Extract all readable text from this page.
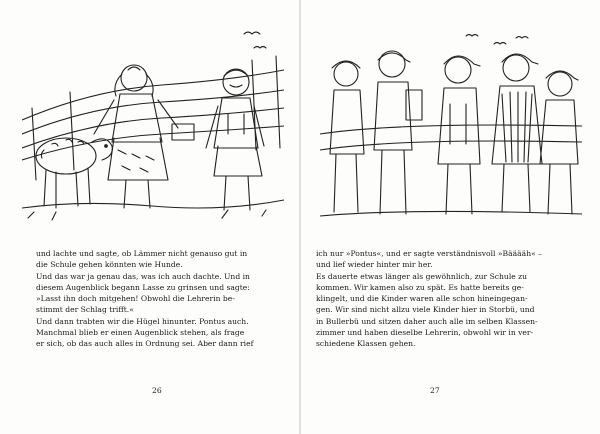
und lachte und sagte, ob Lämmer nicht genauso gut in
die Schule gehen könnten wie Hunde.
Und das war ja genau das, was ich auch dachte. Und in
diesem Augenblick begann Lasse zu grinsen und sagte:
»Lasst ihn doch mitgehen! Obwohl die Lehrerin be-
stimmt der Schlag trifft.«
Und dann trabten wir die Hügel hinunter. Pontus auch.
Manchmal blieb er einen Augenblick stehen, als frage
er sich, ob das auch alles in Ordnung sei. Aber dann rief
26
ich nur »Pontus«, und er sagte verständnisvoll »Bääääh« –
und lief wieder hinter mir her.
Es dauerte etwas länger als gewöhnlich, zur Schule zu
kommen. Wir kamen also zu spät. Es hatte bereits ge-
klingelt, und die Kinder waren alle schon hineingegan-
gen. Wir sind nicht allzu viele Kinder hier in Storbü, und
in Bullerbü und sitzen daher auch alle im selben Klassen-
zimmer und haben dieselbe Lehrerin, obwohl wir in ver-
schiedene Klassen gehen.
27
